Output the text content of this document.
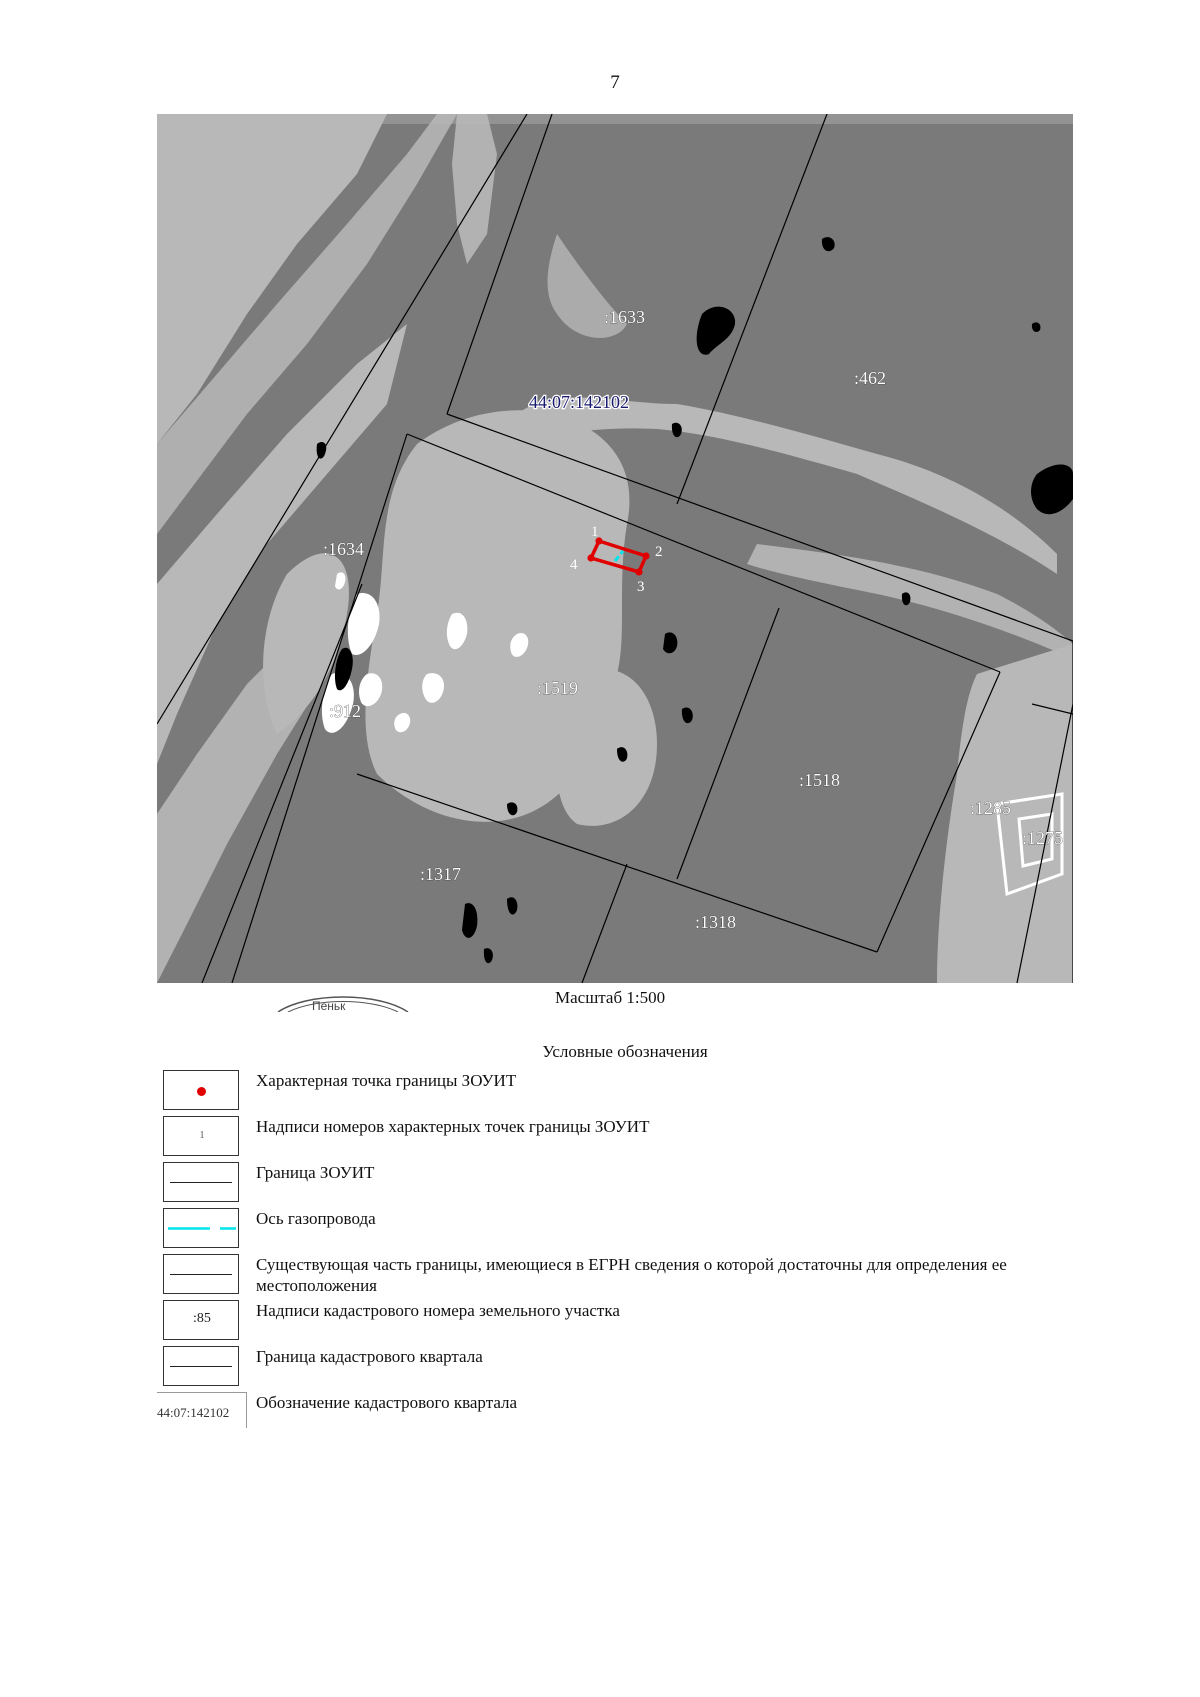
7
1
2
3
4
:1633
:462
:1634
:1519
:912
:1518
:1285
:1275
:1317
:1318
44:07:142102
Пеньк	Масштаб 1:500
Условные обозначения
Характерная точка границы ЗОУИТ
1	Надписи номеров характерных точек границы ЗОУИТ
Граница ЗОУИТ
Ось газопровода
Существующая часть границы, имеющиеся в ЕГРН сведения о которой достаточны для определения ее местоположения
:85	Надписи кадастрового номера земельного участка
Граница кадастрового квартала
44:07:142102
Обозначение кадастрового квартала
